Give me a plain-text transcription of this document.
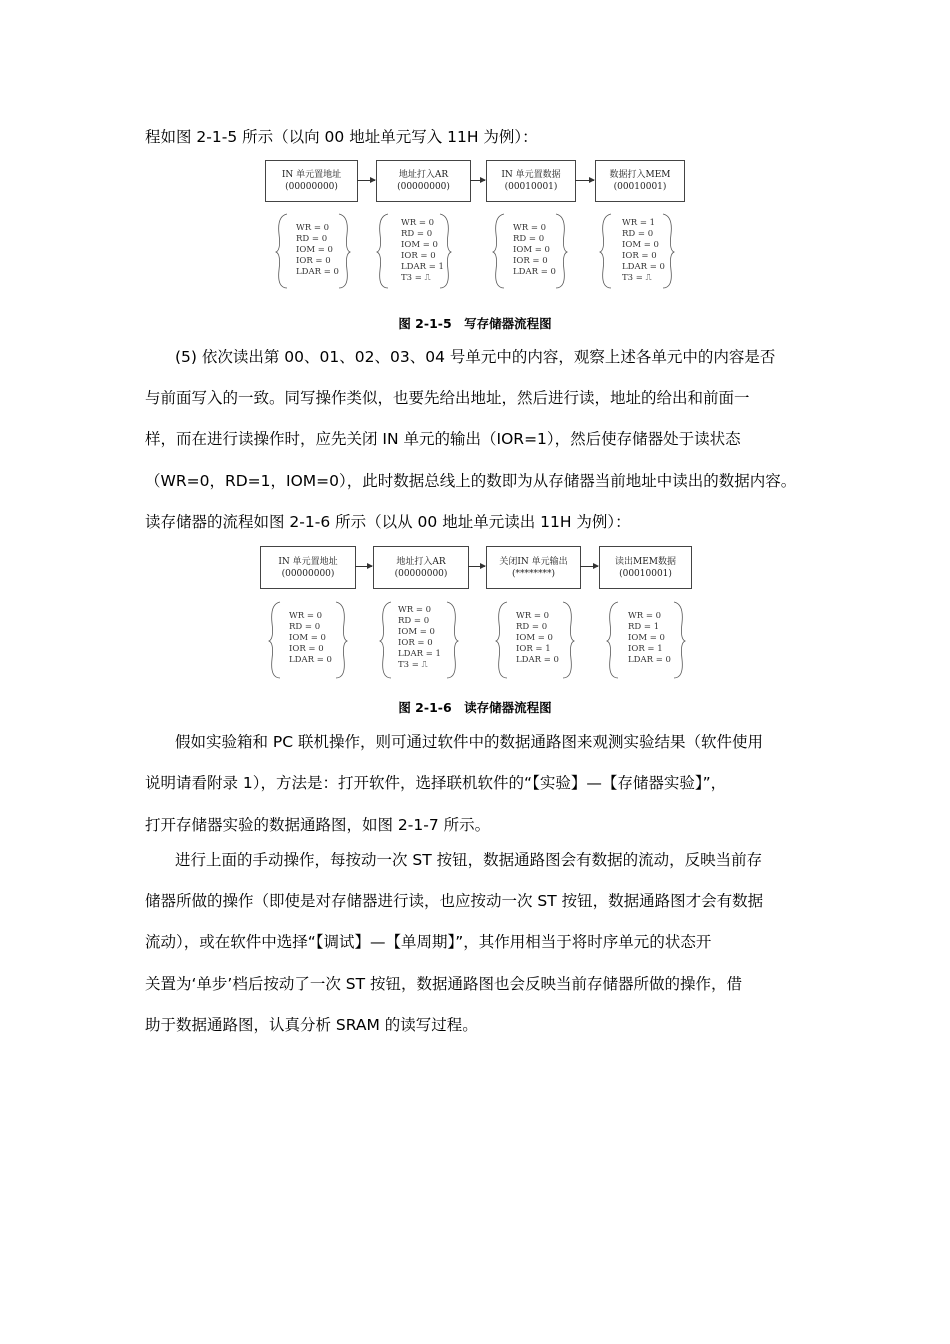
程如图 2-1-5 所示（以向 00 地址单元写入 11H 为例）：
IN 单元置地址
(00000000)
地址打入AR
(00000000)
IN 单元置数据
(00010001)
数据打入MEM
(00010001)
WR = 0
RD = 0
IOM = 0
IOR = 0
LDAR = 0
WR = 0
RD = 0
IOM = 0
IOR = 0
LDAR = 1
T3 = ⎍
WR = 0
RD = 0
IOM = 0
IOR = 0
LDAR = 0
WR = 1
RD = 0
IOM = 0
IOR = 0
LDAR = 0
T3 = ⎍
图 2-1-5　写存储器流程图
(5) 依次读出第 00、01、02、03、04 号单元中的内容，观察上述各单元中的内容是否
与前面写入的一致。同写操作类似，也要先给出地址，然后进行读，地址的给出和前面一
样，而在进行读操作时，应先关闭 IN 单元的输出（IOR=1），然后使存储器处于读状态
（WR=0，RD=1，IOM=0），此时数据总线上的数即为从存储器当前地址中读出的数据内容。
读存储器的流程如图 2-1-6 所示（以从 00 地址单元读出 11H 为例）：
IN 单元置地址
(00000000)
地址打入AR
(00000000)
关闭IN 单元输出
(********)
读出MEM数据
(00010001)
WR = 0
RD = 0
IOM = 0
IOR = 0
LDAR = 0
WR = 0
RD = 0
IOM = 0
IOR = 0
LDAR = 1
T3 = ⎍
WR = 0
RD = 0
IOM = 0
IOR = 1
LDAR = 0
WR = 0
RD = 1
IOM = 0
IOR = 1
LDAR = 0
图 2-1-6　读存储器流程图
假如实验箱和 PC 联机操作，则可通过软件中的数据通路图来观测实验结果（软件使用
说明请看附录 1），方法是：打开软件，选择联机软件的“【实验】—【存储器实验】”，
打开存储器实验的数据通路图，如图 2-1-7 所示。
进行上面的手动操作，每按动一次 ST 按钮，数据通路图会有数据的流动，反映当前存
储器所做的操作（即使是对存储器进行读，也应按动一次 ST 按钮，数据通路图才会有数据
流动），或在软件中选择“【调试】—【单周期】”，其作用相当于将时序单元的状态开
关置为‘单步’档后按动了一次 ST 按钮，数据通路图也会反映当前存储器所做的操作，借
助于数据通路图，认真分析 SRAM 的读写过程。
